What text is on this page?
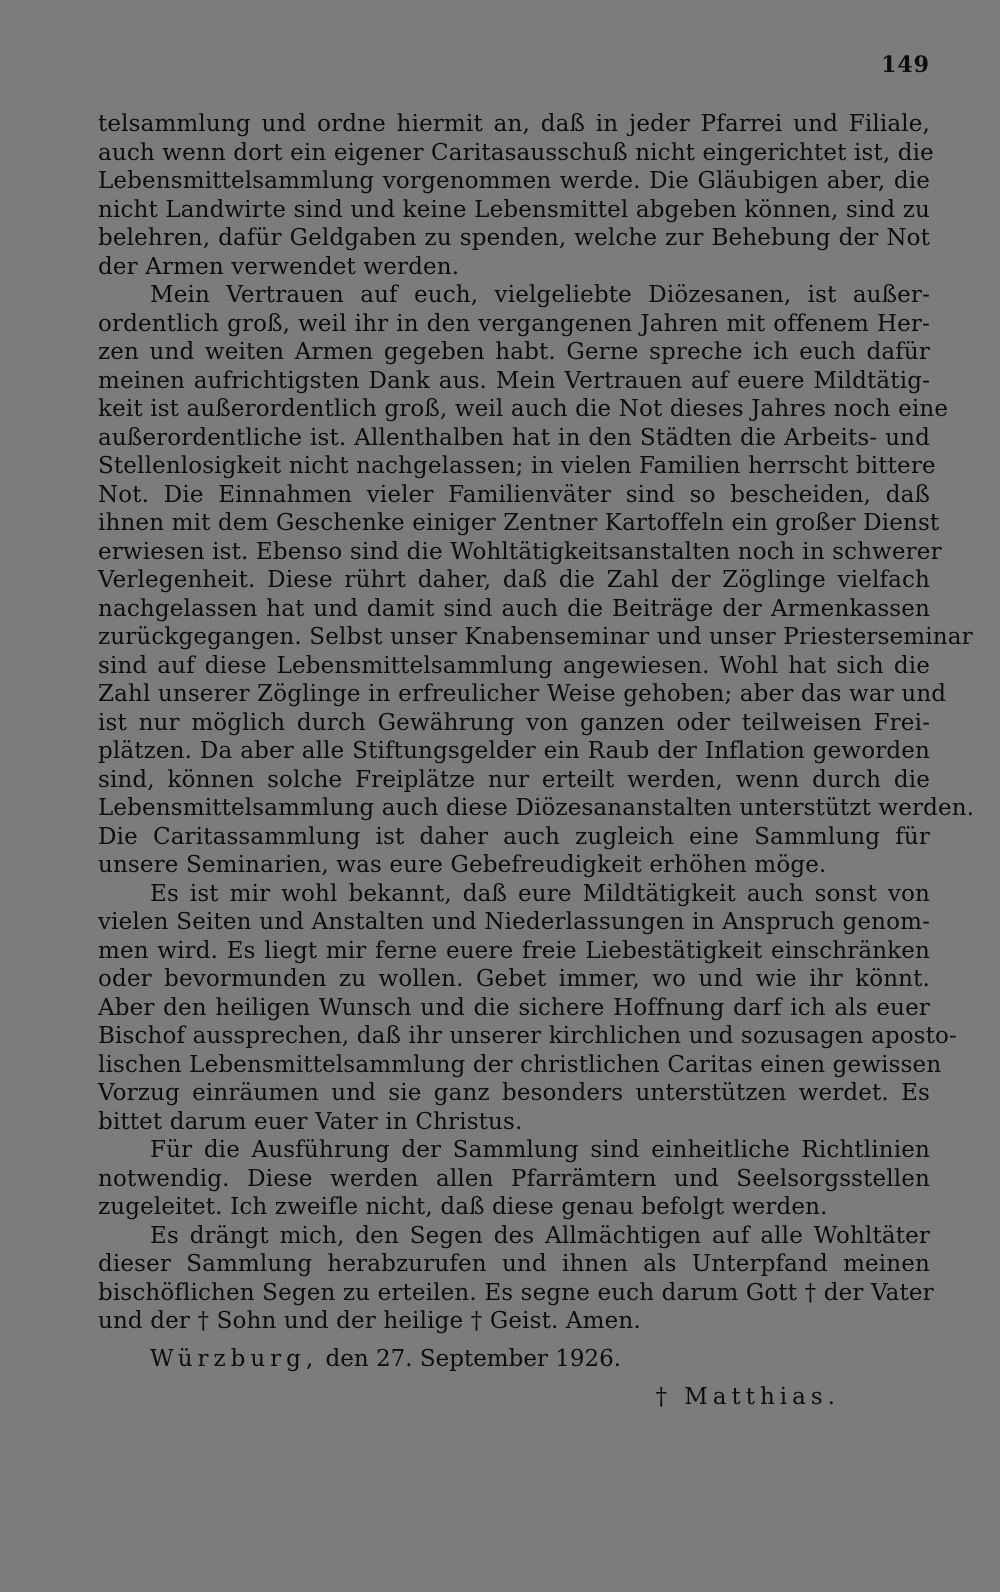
149
telsammlung und ordne hiermit an, daß in jeder Pfarrei und Filiale,
auch wenn dort ein eigener Caritasausschuß nicht eingerichtet ist, die
Lebensmittelsammlung vorgenommen werde. Die Gläubigen aber, die
nicht Landwirte sind und keine Lebensmittel abgeben können, sind zu
belehren, dafür Geldgaben zu spenden, welche zur Behebung der Not
der Armen verwendet werden.
Mein Vertrauen auf euch, vielgeliebte Diözesanen, ist außer-
ordentlich groß, weil ihr in den vergangenen Jahren mit offenem Her-
zen und weiten Armen gegeben habt. Gerne spreche ich euch dafür
meinen aufrichtigsten Dank aus. Mein Vertrauen auf euere Mildtätig-
keit ist außerordentlich groß, weil auch die Not dieses Jahres noch eine
außerordentliche ist. Allenthalben hat in den Städten die Arbeits- und
Stellenlosigkeit nicht nachgelassen; in vielen Familien herrscht bittere
Not. Die Einnahmen vieler Familienväter sind so bescheiden, daß
ihnen mit dem Geschenke einiger Zentner Kartoffeln ein großer Dienst
erwiesen ist. Ebenso sind die Wohltätigkeitsanstalten noch in schwerer
Verlegenheit. Diese rührt daher, daß die Zahl der Zöglinge vielfach
nachgelassen hat und damit sind auch die Beiträge der Armenkassen
zurückgegangen. Selbst unser Knabenseminar und unser Priesterseminar
sind auf diese Lebensmittelsammlung angewiesen. Wohl hat sich die
Zahl unserer Zöglinge in erfreulicher Weise gehoben; aber das war und
ist nur möglich durch Gewährung von ganzen oder teilweisen Frei-
plätzen. Da aber alle Stiftungsgelder ein Raub der Inflation geworden
sind, können solche Freiplätze nur erteilt werden, wenn durch die
Lebensmittelsammlung auch diese Diözesananstalten unterstützt werden.
Die Caritassammlung ist daher auch zugleich eine Sammlung für
unsere Seminarien, was eure Gebefreudigkeit erhöhen möge.
Es ist mir wohl bekannt, daß eure Mildtätigkeit auch sonst von
vielen Seiten und Anstalten und Niederlassungen in Anspruch genom-
men wird. Es liegt mir ferne euere freie Liebestätigkeit einschränken
oder bevormunden zu wollen. Gebet immer, wo und wie ihr könnt.
Aber den heiligen Wunsch und die sichere Hoffnung darf ich als euer
Bischof aussprechen, daß ihr unserer kirchlichen und sozusagen aposto-
lischen Lebensmittelsammlung der christlichen Caritas einen gewissen
Vorzug einräumen und sie ganz besonders unterstützen werdet. Es
bittet darum euer Vater in Christus.
Für die Ausführung der Sammlung sind einheitliche Richtlinien
notwendig. Diese werden allen Pfarrämtern und Seelsorgsstellen
zugeleitet. Ich zweifle nicht, daß diese genau befolgt werden.
Es drängt mich, den Segen des Allmächtigen auf alle Wohltäter
dieser Sammlung herabzurufen und ihnen als Unterpfand meinen
bischöflichen Segen zu erteilen. Es segne euch darum Gott † der Vater
und der † Sohn und der heilige † Geist. Amen.
Würzburg, den 27. September 1926.
† Matthias.
